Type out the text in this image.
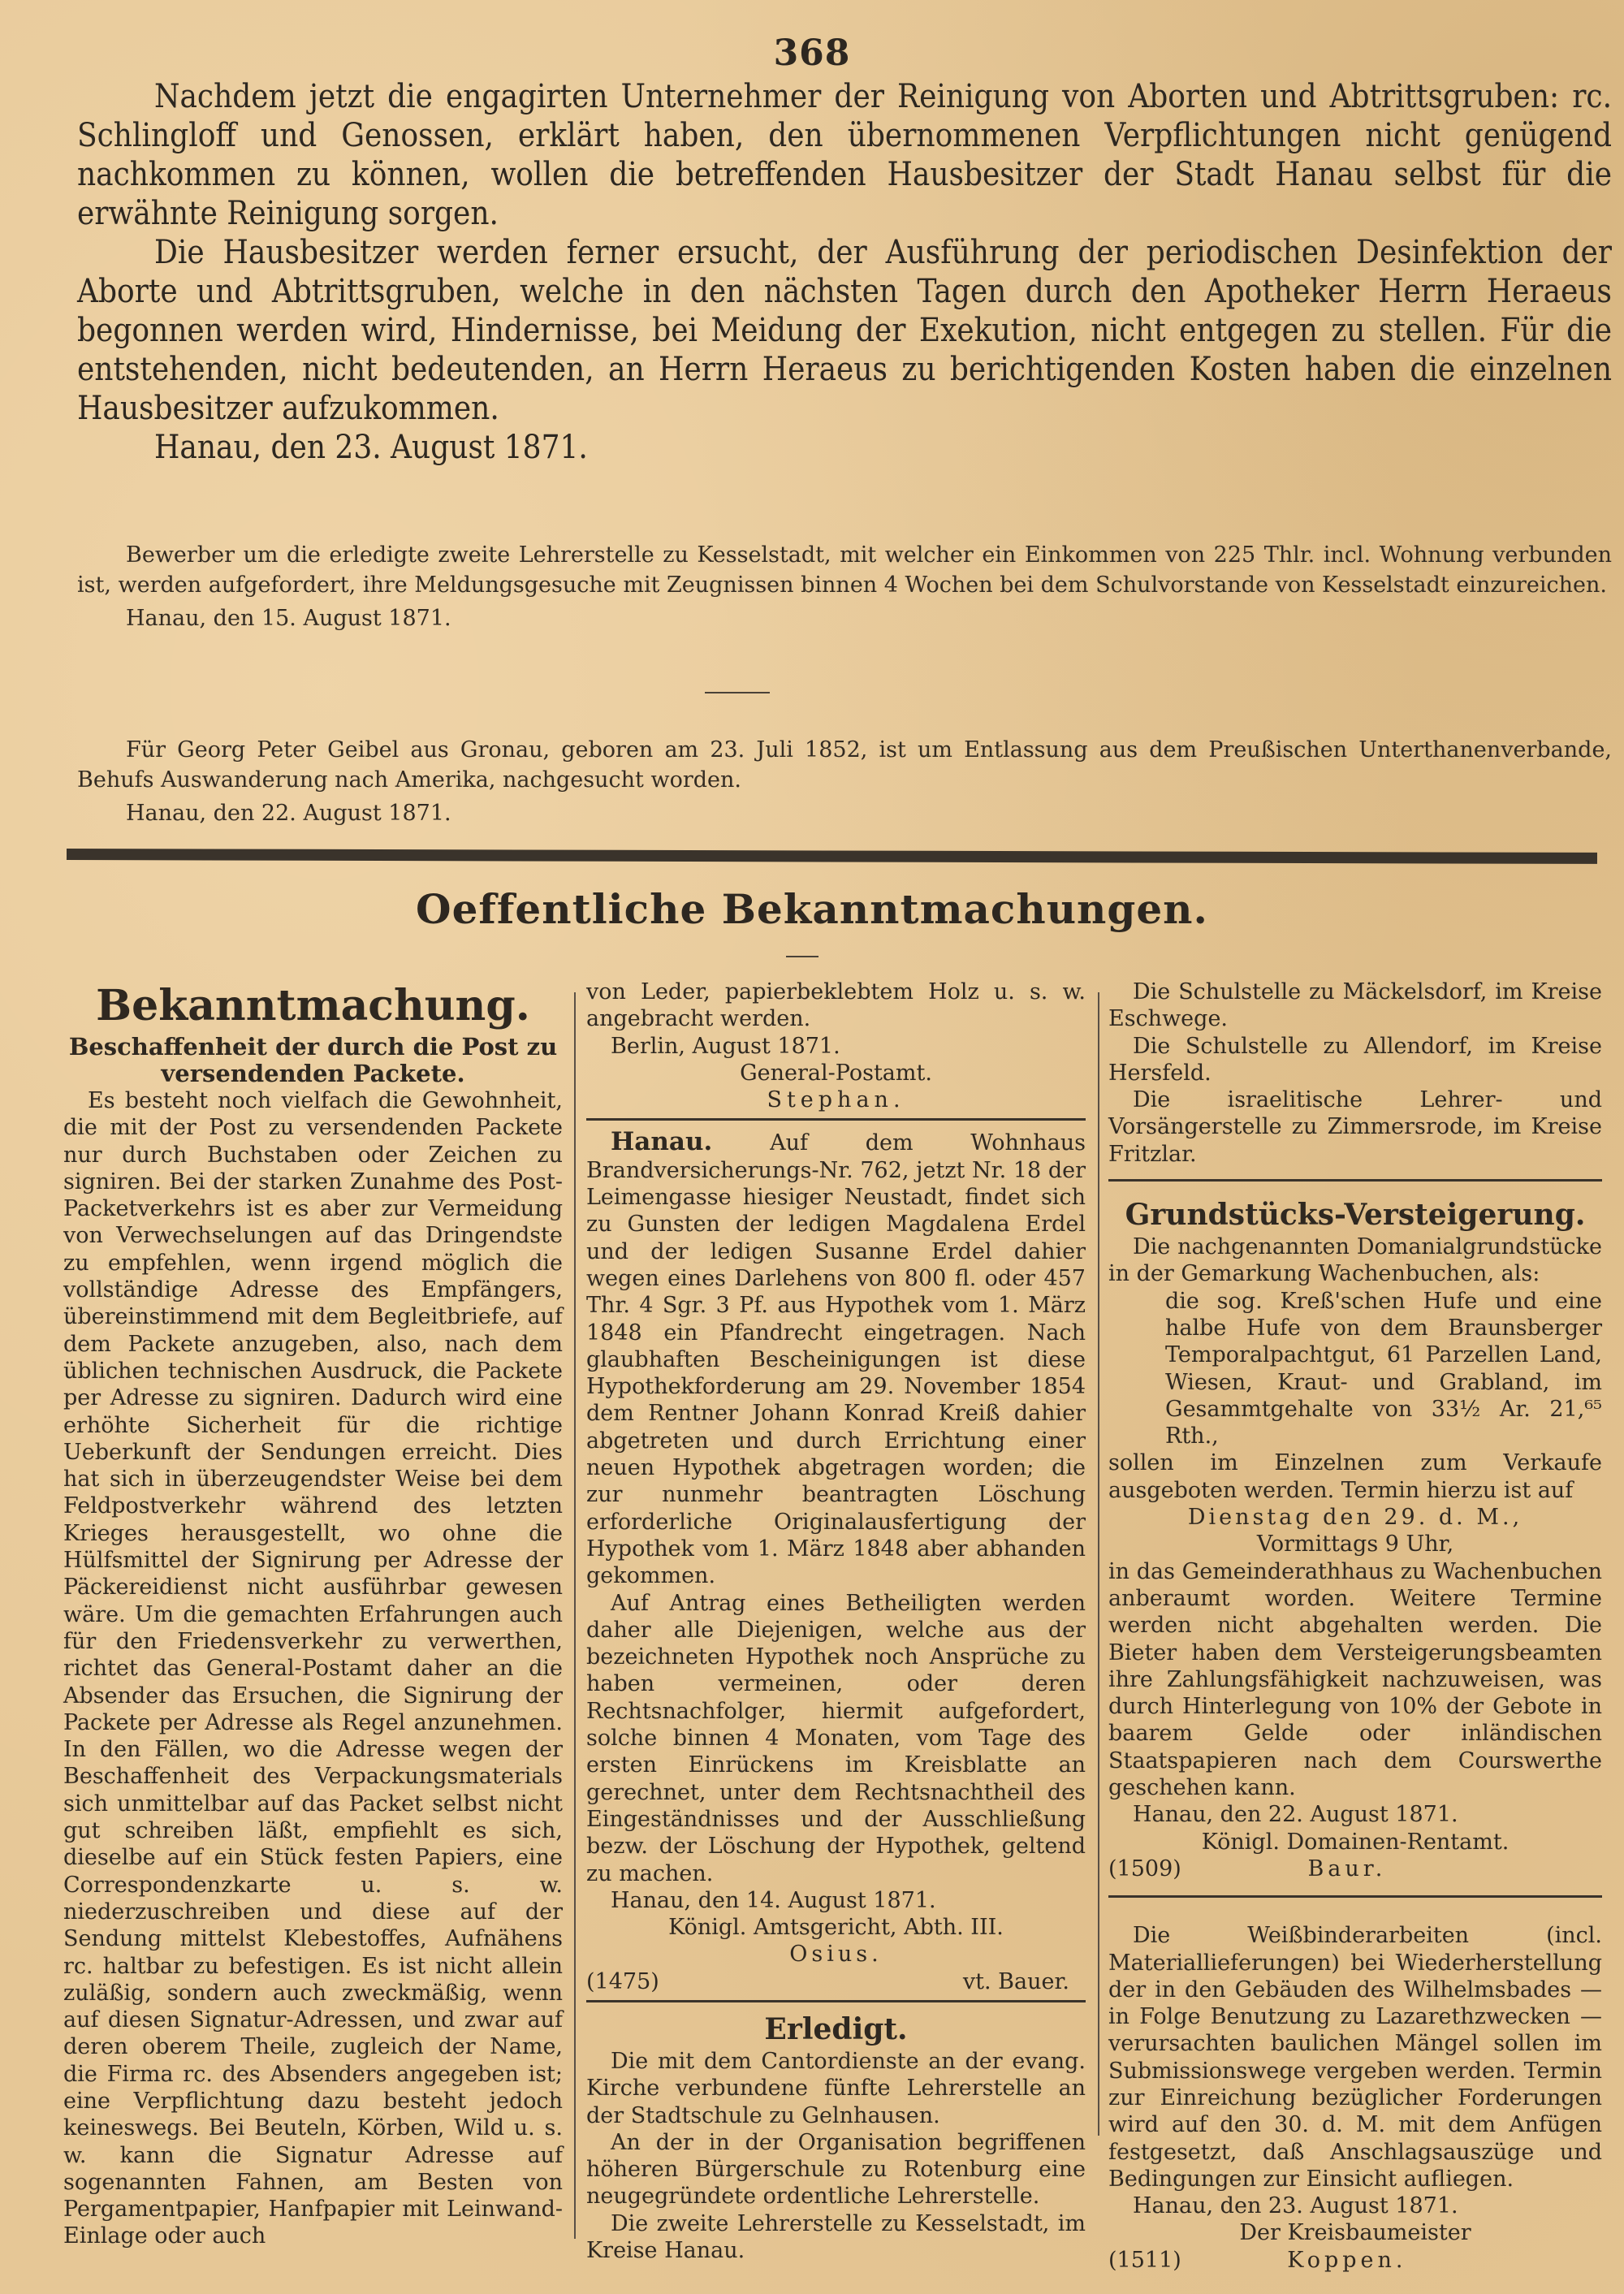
368

Nachdem jetzt die engagirten Unternehmer der Reinigung von Aborten und Abtrittsgruben: rc. Schlingloff und Genossen, erklärt haben, den übernommenen Verpflichtungen nicht genügend nachkommen zu können, wollen die betreffenden Hausbesitzer der Stadt Hanau selbst für die erwähnte Reinigung sorgen.

Die Hausbesitzer werden ferner ersucht, der Ausführung der periodischen Desinfektion der Aborte und Abtrittsgruben, welche in den nächsten Tagen durch den Apotheker Herrn Heraeus begonnen werden wird, Hindernisse, bei Meidung der Exekution, nicht entgegen zu stellen. Für die entstehenden, nicht bedeutenden, an Herrn Heraeus zu berichtigenden Kosten haben die einzelnen Hausbesitzer aufzukommen.

Hanau, den 23. August 1871.

Bewerber um die erledigte zweite Lehrerstelle zu Kesselstadt, mit welcher ein Einkommen von 225 Thlr. incl. Wohnung verbunden ist, werden aufgefordert, ihre Meldungsgesuche mit Zeugnissen binnen 4 Wochen bei dem Schulvorstande von Kesselstadt einzureichen.

Hanau, den 15. August 1871.

Für Georg Peter Geibel aus Gronau, geboren am 23. Juli 1852, ist um Entlassung aus dem Preußischen Unterthanenverbande, Behufs Auswanderung nach Amerika, nachgesucht worden.

Hanau, den 22. August 1871.

Oeffentliche Bekanntmachungen.
Bekanntmachung.
Beschaffenheit der durch die Post zu versendenden Packete.

Es besteht noch vielfach die Gewohnheit, die mit der Post zu versendenden Packete nur durch Buchstaben oder Zeichen zu signiren. Bei der starken Zunahme des Post-Packetverkehrs ist es aber zur Vermeidung von Verwechselungen auf das Dringendste zu empfehlen, wenn irgend möglich die vollständige Adresse des Empfängers, übereinstimmend mit dem Begleitbriefe, auf dem Packete anzugeben, also, nach dem üblichen technischen Ausdruck, die Packete per Adresse zu signiren. Dadurch wird eine erhöhte Sicherheit für die richtige Ueberkunft der Sendungen erreicht. Dies hat sich in überzeugendster Weise bei dem Feldpostverkehr während des letzten Krieges herausgestellt, wo ohne die Hülfsmittel der Signirung per Adresse der Päckereidienst nicht ausführbar gewesen wäre. Um die gemachten Erfahrungen auch für den Friedensverkehr zu verwerthen, richtet das General-Postamt daher an die Absender das Ersuchen, die Signirung der Packete per Adresse als Regel anzunehmen. In den Fällen, wo die Adresse wegen der Beschaffenheit des Verpackungsmaterials sich unmittelbar auf das Packet selbst nicht gut schreiben läßt, empfiehlt es sich, dieselbe auf ein Stück festen Papiers, eine Correspondenzkarte u. s. w. niederzuschreiben und diese auf der Sendung mittelst Klebestoffes, Aufnähens rc. haltbar zu befestigen. Es ist nicht allein zuläßig, sondern auch zweckmäßig, wenn auf diesen Signatur-Adressen, und zwar auf deren oberem Theile, zugleich der Name, die Firma rc. des Absenders angegeben ist; eine Verpflichtung dazu besteht jedoch keineswegs. Bei Beuteln, Körben, Wild u. s. w. kann die Signatur Adresse auf sogenannten Fahnen, am Besten von Pergamentpapier, Hanfpapier mit Leinwand-Einlage oder auch

von Leder, papierbeklebtem Holz u. s. w. angebracht werden.

Berlin, August 1871.

General-Postamt.

Stephan.

Hanau.	Auf dem Wohnhaus Brandversicherungs-Nr. 762, jetzt Nr. 18 der Leimengasse hiesiger Neustadt, findet sich zu Gunsten der ledigen Magdalena Erdel und der ledigen Susanne Erdel dahier wegen eines Darlehens von 800 fl. oder 457 Thr. 4 Sgr. 3 Pf. aus Hypothek vom 1. März 1848 ein Pfandrecht eingetragen. Nach glaubhaften Bescheinigungen ist diese Hypothekforderung am 29. November 1854 dem Rentner Johann Konrad Kreiß dahier abgetreten und durch Errichtung einer neuen Hypothek abgetragen worden; die zur nunmehr beantragten Löschung erforderliche Originalausfertigung der Hypothek vom 1. März 1848 aber abhanden gekommen.

Auf Antrag eines Betheiligten werden daher alle Diejenigen, welche aus der bezeichneten Hypothek noch Ansprüche zu haben vermeinen, oder deren Rechtsnachfolger, hiermit aufgefordert, solche binnen 4 Monaten, vom Tage des ersten Einrückens im Kreisblatte an gerechnet, unter dem Rechtsnachtheil des Eingeständnisses und der Ausschließung bezw. der Löschung der Hypothek, geltend zu machen.

Hanau, den 14. August 1871.

Königl. Amtsgericht, Abth. III.

Osius.

(1475)	vt. Bauer.
Erledigt.

Die mit dem Cantordienste an der evang. Kirche verbundene fünfte Lehrerstelle an der Stadtschule zu Gelnhausen.

An der in der Organisation begriffenen höheren Bürgerschule zu Rotenburg eine neugegründete ordentliche Lehrerstelle.

Die zweite Lehrerstelle zu Kesselstadt, im Kreise Hanau.

Die Schulstelle zu Mäckelsdorf, im Kreise Eschwege.

Die Schulstelle zu Allendorf, im Kreise Hersfeld.

Die israelitische Lehrer- und Vorsängerstelle zu Zimmersrode, im Kreise Fritzlar.

Grundstücks-Versteigerung.

Die nachgenannten Domanialgrundstücke in der Gemarkung Wachenbuchen, als:

die sog. Kreß'schen Hufe und eine halbe Hufe von dem Braunsberger Temporalpachtgut, 61 Parzellen Land, Wiesen, Kraut- und Grabland, im Gesammtgehalte von 33½ Ar. 21,⁶⁵ Rth.,

sollen im Einzelnen zum Verkaufe ausgeboten werden. Termin hierzu ist auf

Dienstag den 29. d. M.,

Vormittags 9 Uhr,

in das Gemeinderathhaus zu Wachenbuchen anberaumt worden. Weitere Termine werden nicht abgehalten werden. Die Bieter haben dem Versteigerungsbeamten ihre Zahlungsfähigkeit nachzuweisen, was durch Hinterlegung von 10% der Gebote in baarem Gelde oder inländischen Staatspapieren nach dem Courswerthe geschehen kann.

Hanau, den 22. August 1871.

Königl. Domainen-Rentamt.

(1509)	Baur.

Die Weißbinderarbeiten (incl. Materiallieferungen) bei Wiederherstellung der in den Gebäuden des Wilhelmsbades — in Folge Benutzung zu Lazarethzwecken — verursachten baulichen Mängel sollen im Submissionswege vergeben werden. Termin zur Einreichung bezüglicher Forderungen wird auf den 30. d. M. mit dem Anfügen festgesetzt, daß Anschlagsauszüge und Bedingungen zur Einsicht aufliegen.

Hanau, den 23. August 1871.

Der Kreisbaumeister

(1511)	Koppen.
